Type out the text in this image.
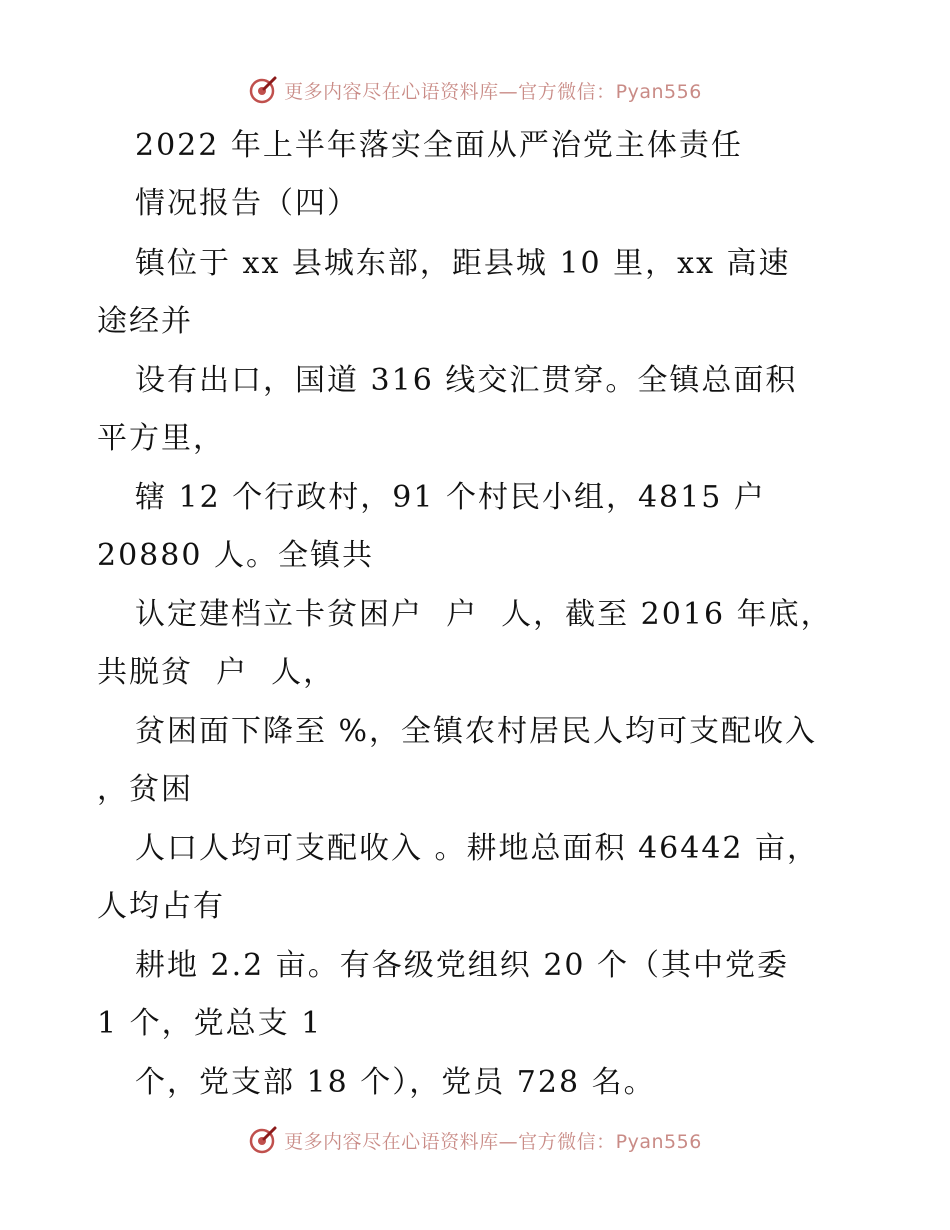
更多内容尽在心语资料库—官方微信：Pyan556
2022 年上半年落实全面从严治党主体责任
情况报告（四）
镇位于 xx 县城东部，距县城 10 里，xx 高速
途经并
设有出口，国道 316 线交汇贯穿。全镇总面积
平方里，
辖 12 个行政村，91 个村民小组，4815 户
20880 人。全镇共
认定建档立卡贫困户  户  人，截至 2016 年底，
共脱贫  户  人，
贫困面下降至 %，全镇农村居民人均可支配收入
，贫困
人口人均可支配收入 。耕地总面积 46442 亩，
人均占有
耕地 2.2 亩。有各级党组织 20 个（其中党委
1 个，党总支 1
个，党支部 18 个），党员 728 名。
更多内容尽在心语资料库—官方微信：Pyan556
